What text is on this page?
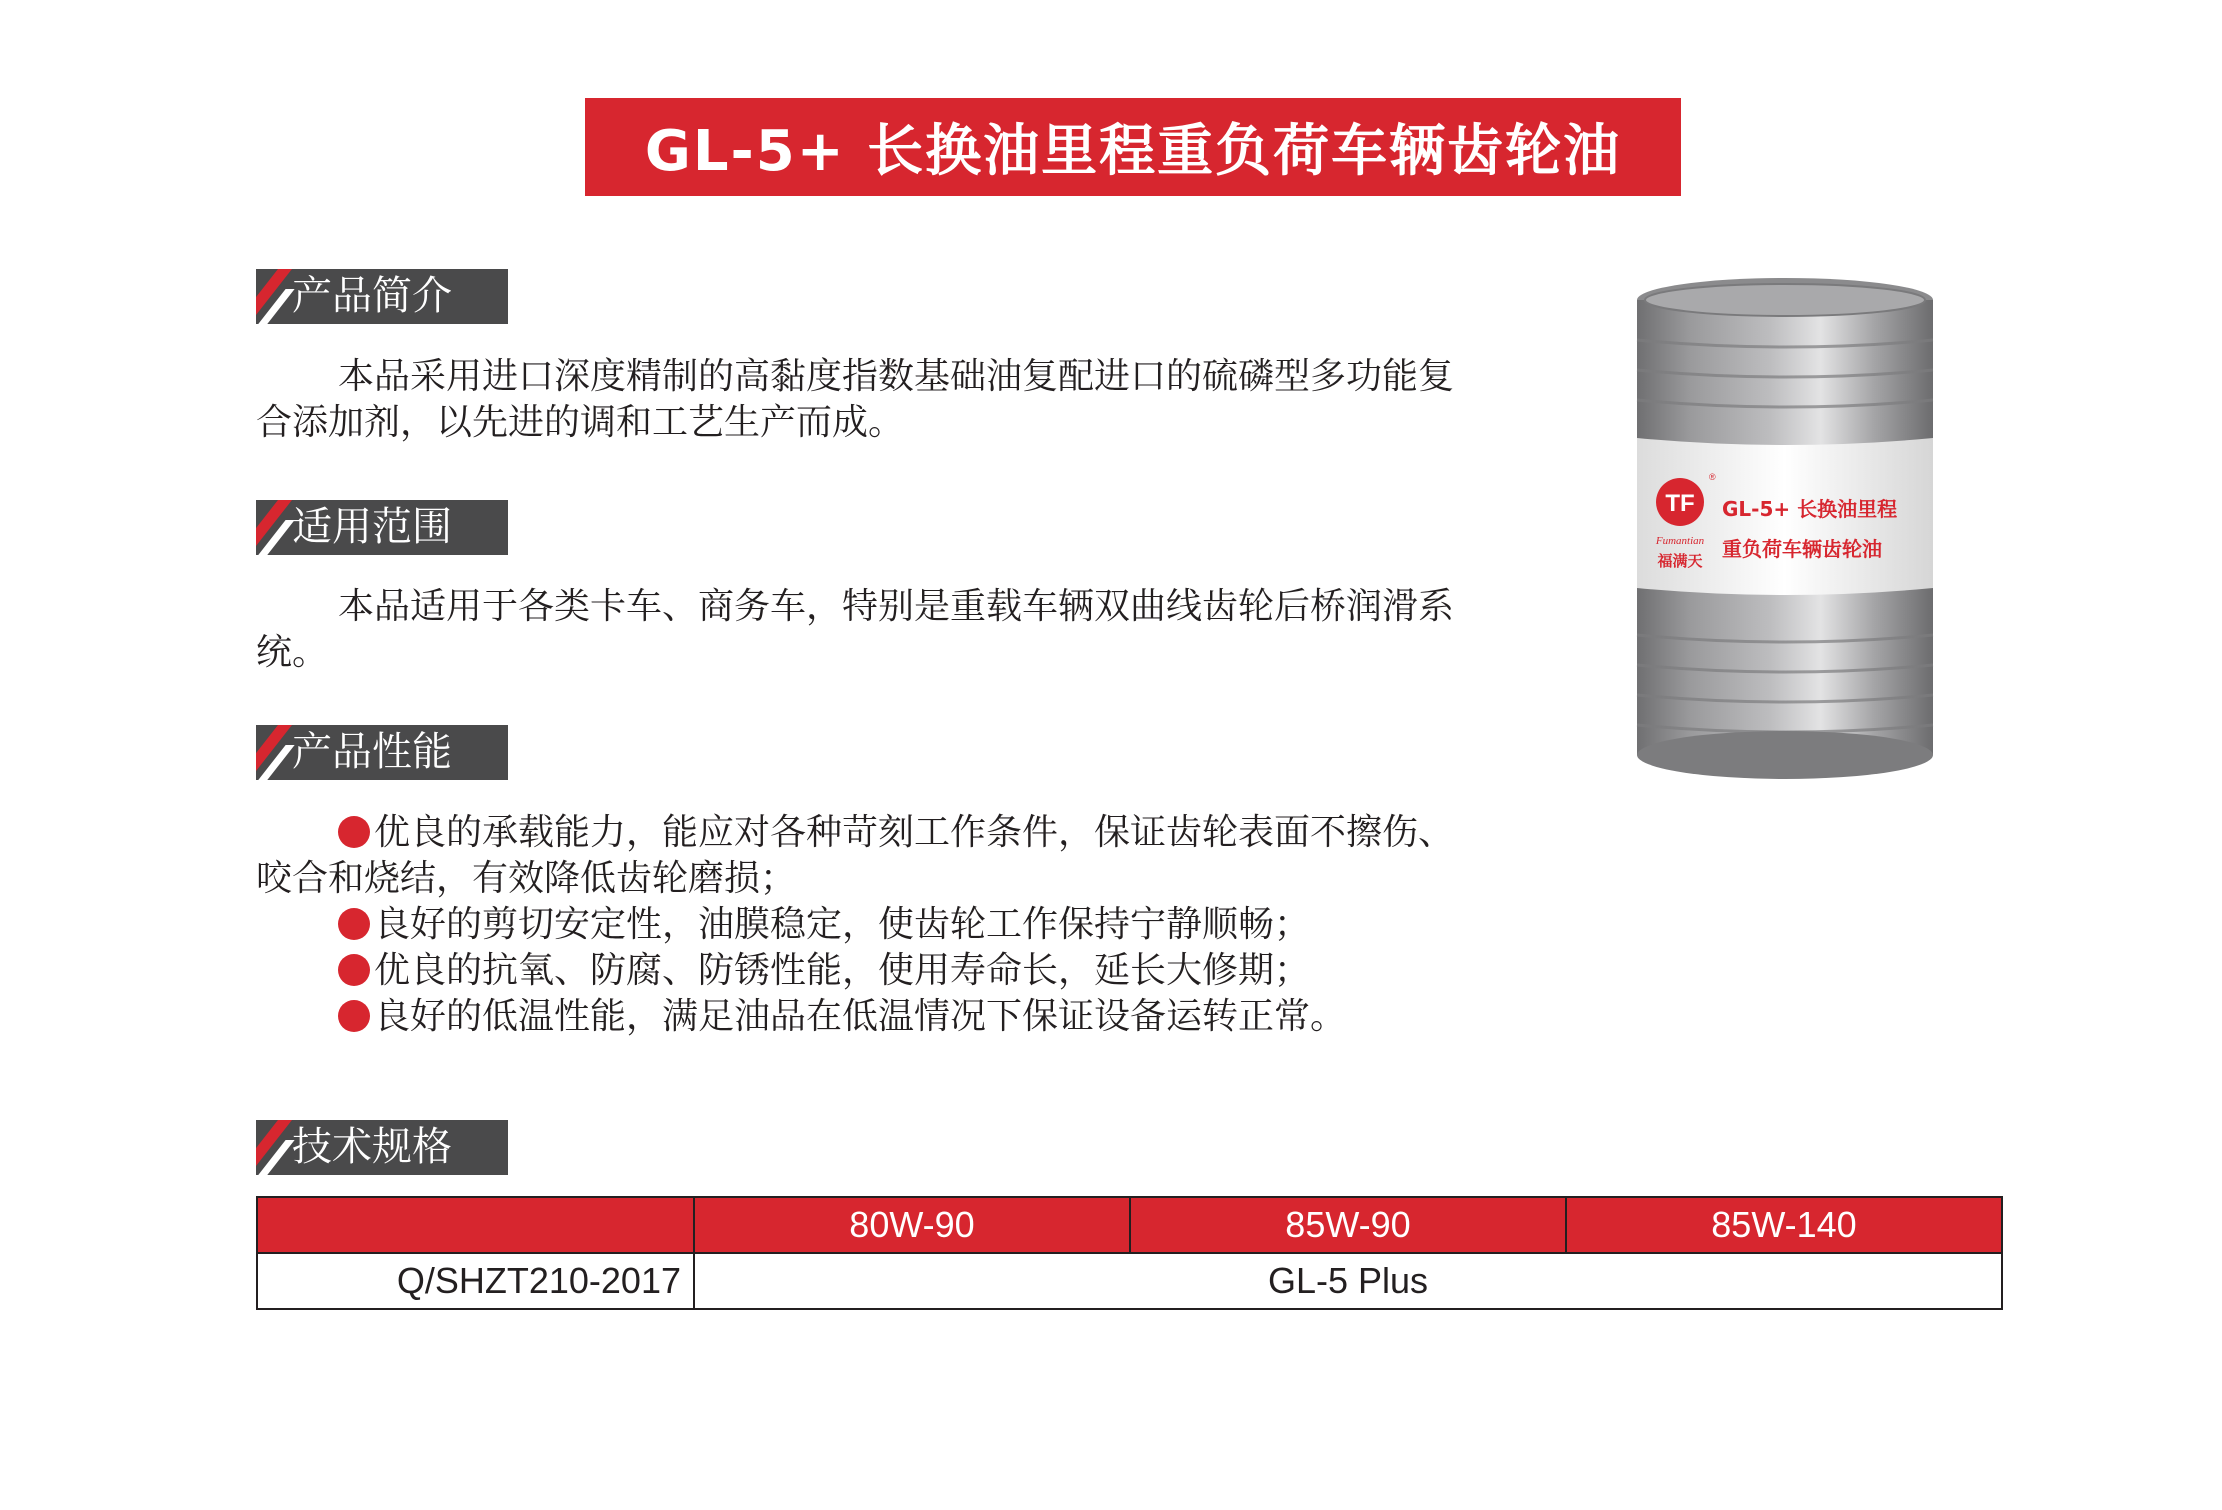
GL-5+ 长换油里程重负荷车辆齿轮油
产品简介

本品采用进口深度精制的高黏度指数基础油复配进口的硫磷型多功能复合添加剂，以先进的调和工艺生产而成。

适用范围

本品适用于各类卡车、商务车，特别是重载车辆双曲线齿轮后桥润滑系统。

产品性能
优良的承载能力，能应对各种苛刻工作条件，保证齿轮表面不擦伤、咬合和烧结，有效降低齿轮磨损；
良好的剪切安定性，油膜稳定，使齿轮工作保持宁静顺畅；
优良的抗氧、防腐、防锈性能，使用寿命长，延长大修期；
良好的低温性能，满足油品在低温情况下保证设备运转正常。
技术规格
	80W-90	85W-90	85W-140
Q/SHZT210-2017	GL-5 Plus		
TF
®
Fumantian
福满天
GL-5+ 长换油里程
重负荷车辆齿轮油
